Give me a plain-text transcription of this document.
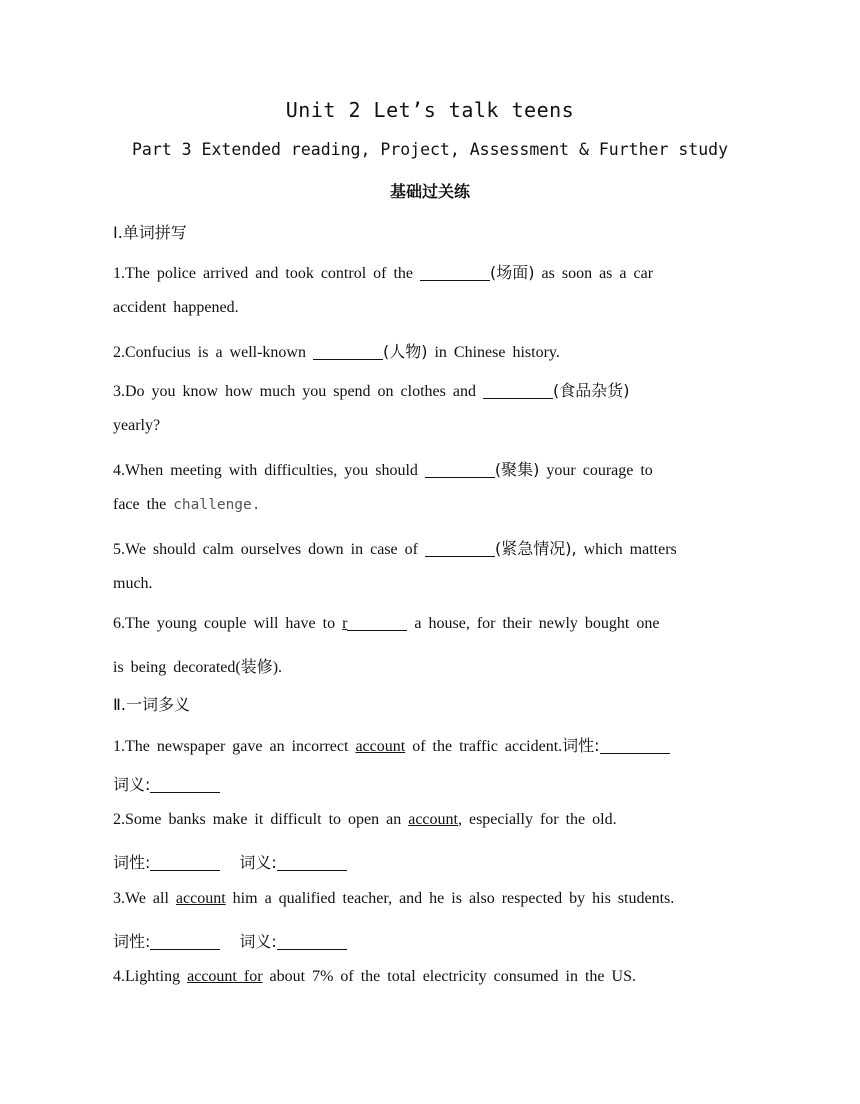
Unit 2 Let’s talk teens
Part 3 Extended reading, Project, Assessment & Further study
基础过关练
Ⅰ.单词拼写
1.The police arrived and took control of the	(场面) as soon as a car
accident happened.
2.Confucius is a well-known	(人物) in Chinese history.
3.Do you know how much you spend on clothes and	(食品杂货)
yearly?
4.When meeting with difficulties, you should	(聚集) your courage to
face the challenge.
5.We should calm ourselves down in case of	(紧急情况), which matters
much.
6.The young couple will have to r	a house, for their newly bought one
is being decorated(装修).
Ⅱ.一词多义
1.The newspaper gave an incorrect account of the traffic accident.词性:
词义:
2.Some banks make it difficult to open an account, especially for the old.
词性:	词义:
3.We all account him a qualified teacher, and he is also respected by his students.
词性:	词义:
4.Lighting account for about 7% of the total electricity consumed in the US.
